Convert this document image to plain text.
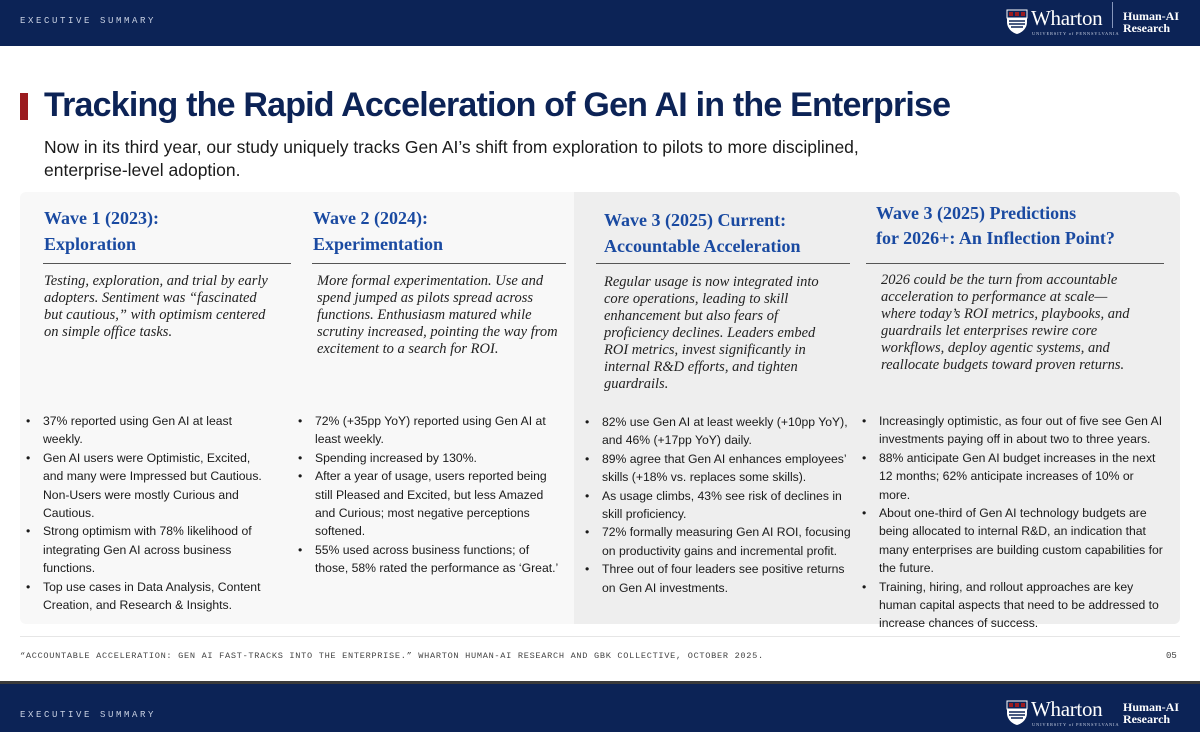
EXECUTIVE SUMMARY	Wharton
UNIVERSITY of PENNSYLVANIA
Human-AI Research
Tracking the Rapid Acceleration of Gen AI in the Enterprise
Now in its third year, our study uniquely tracks Gen AI’s shift from exploration to pilots to more disciplined, enterprise-level adoption.
Wave 1 (2023):
Exploration
Testing, exploration, and trial by early adopters. Sentiment was “fascinated but cautious,” with optimism centered on simple office tasks.
• 37% reported using Gen AI at least weekly.
• Gen AI users were Optimistic, Excited, and many were Impressed but Cautious. Non-Users were mostly Curious and Cautious.
• Strong optimism with 78% likelihood of integrating Gen AI across business functions.
• Top use cases in Data Analysis, Content Creation, and Research & Insights.
Wave 2 (2024):
Experimentation
More formal experimentation. Use and spend jumped as pilots spread across functions. Enthusiasm matured while scrutiny increased, pointing the way from excitement to a search for ROI.
• 72% (+35pp YoY) reported using Gen AI at least weekly.
• Spending increased by 130%.
• After a year of usage, users reported being still Pleased and Excited, but less Amazed and Curious; most negative perceptions softened.
• 55% used across business functions; of those, 58% rated the performance as ‘Great.’
Wave 3 (2025) Current:
Accountable Acceleration
Regular usage is now integrated into core operations, leading to skill enhancement but also fears of proficiency declines. Leaders embed ROI metrics, invest significantly in internal R&D efforts, and tighten guardrails.
• 82% use Gen AI at least weekly (+10pp YoY), and 46% (+17pp YoY) daily.
• 89% agree that Gen AI enhances employees’ skills (+18% vs. replaces some skills).
• As usage climbs, 43% see risk of declines in skill proficiency.
• 72% formally measuring Gen AI ROI, focusing on productivity gains and incremental profit.
• Three out of four leaders see positive returns on Gen AI investments.
Wave 3 (2025) Predictions
for 2026+: An Inflection Point?
2026 could be the turn from accountable acceleration to performance at scale—where today’s ROI metrics, playbooks, and guardrails let enterprises rewire core workflows, deploy agentic systems, and reallocate budgets toward proven returns.
• Increasingly optimistic, as four out of five see Gen AI investments paying off in about two to three years.
• 88% anticipate Gen AI budget increases in the next 12 months; 62% anticipate increases of 10% or more.
• About one-third of Gen AI technology budgets are being allocated to internal R&D, an indication that many enterprises are building custom capabilities for the future.
• Training, hiring, and rollout approaches are key human capital aspects that need to be addressed to increase chances of success.
“ACCOUNTABLE ACCELERATION: GEN AI FAST-TRACKS INTO THE ENTERPRISE.” WHARTON HUMAN-AI RESEARCH AND GBK COLLECTIVE, OCTOBER 2025.	05
EXECUTIVE SUMMARY	Wharton
UNIVERSITY of PENNSYLVANIA
Human-AI Research
